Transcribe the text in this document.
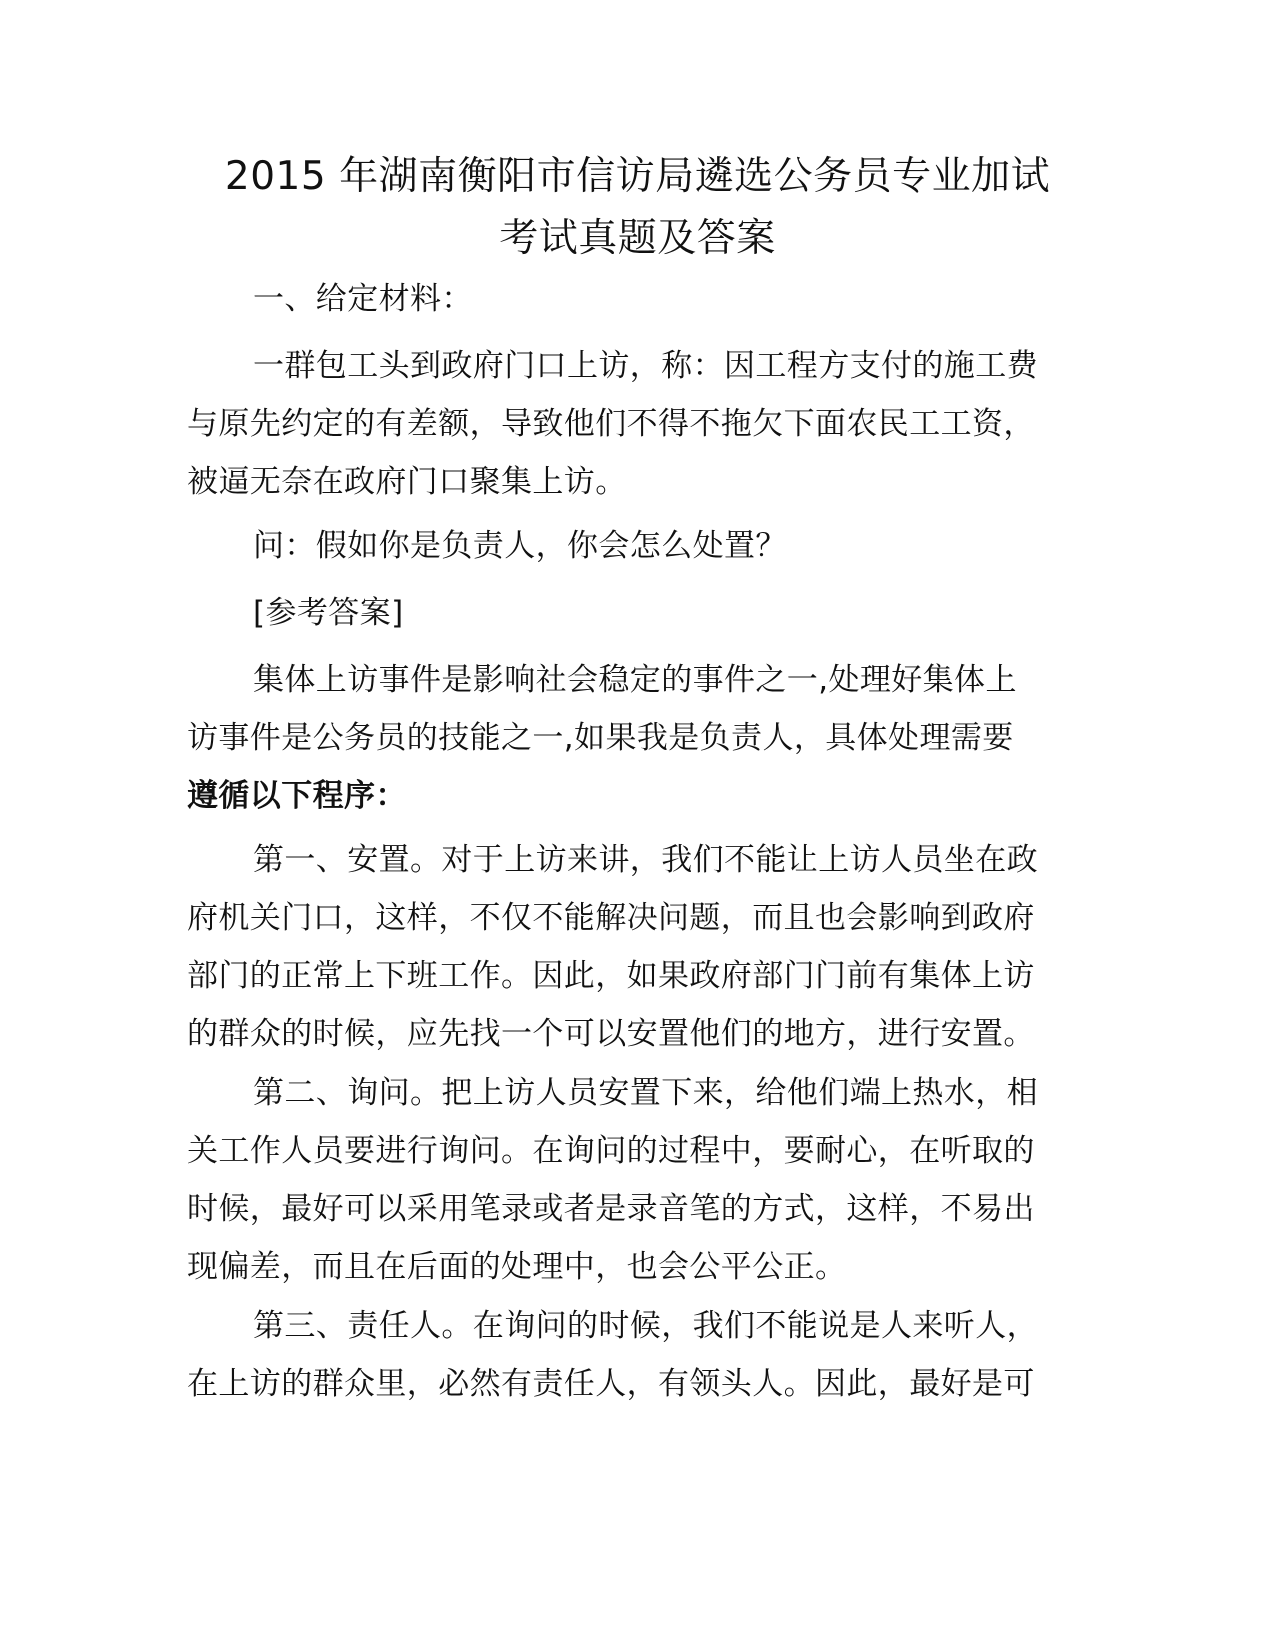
2015 年湖南衡阳市信访局遴选公务员专业加试
考试真题及答案

一、给定材料：

一群包工头到政府门口上访，称：因工程方支付的施工费
与原先约定的有差额，导致他们不得不拖欠下面农民工工资，
被逼无奈在政府门口聚集上访。

问：假如你是负责人，你会怎么处置？

[参考答案]

集体上访事件是影响社会稳定的事件之一,处理好集体上
访事件是公务员的技能之一,如果我是负责人，具体处理需要
遵循以下程序：

第一、安置。对于上访来讲，我们不能让上访人员坐在政
府机关门口，这样，不仅不能解决问题，而且也会影响到政府
部门的正常上下班工作。因此，如果政府部门门前有集体上访
的群众的时候，应先找一个可以安置他们的地方，进行安置。

第二、询问。把上访人员安置下来，给他们端上热水，相
关工作人员要进行询问。在询问的过程中，要耐心，在听取的
时候，最好可以采用笔录或者是录音笔的方式，这样，不易出
现偏差，而且在后面的处理中，也会公平公正。

第三、责任人。在询问的时候，我们不能说是人来听人，
在上访的群众里，必然有责任人，有领头人。因此，最好是可
